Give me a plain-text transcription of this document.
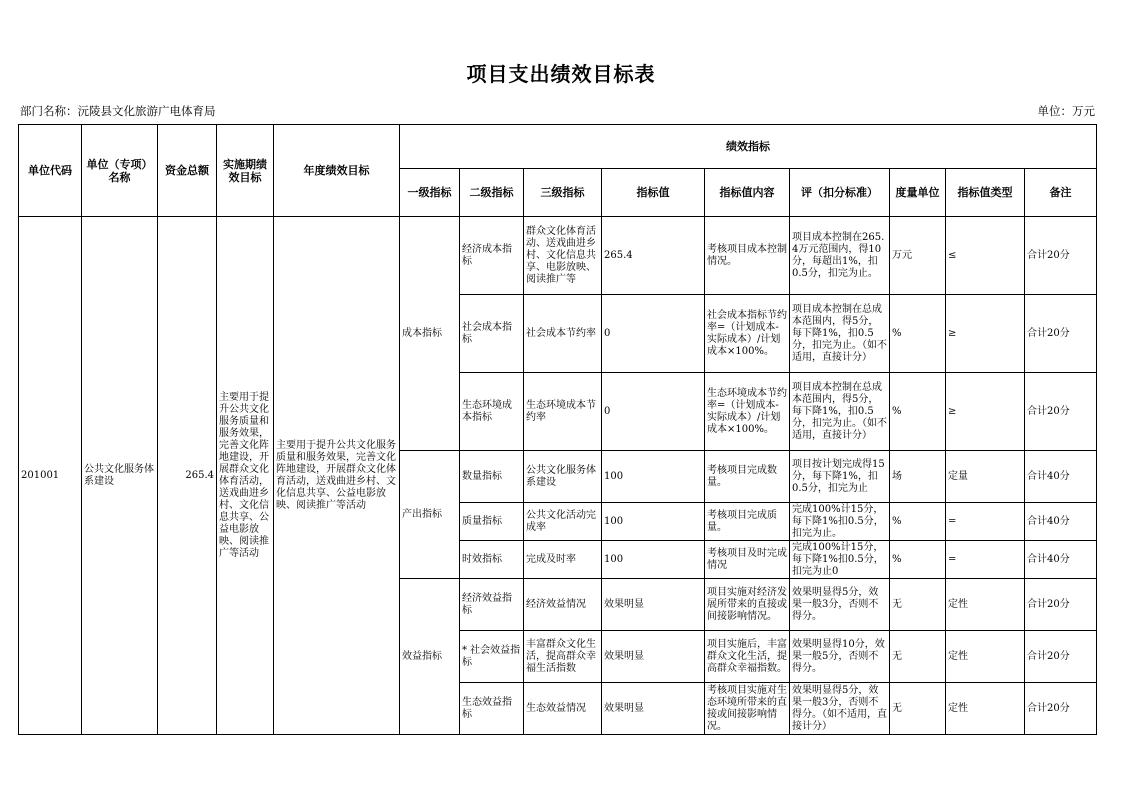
项目支出绩效目标表
部门名称：沅陵县文化旅游广电体育局	单位：万元
单位代码	单位（专项）名称	资金总额	实施期绩效目标	年度绩效目标	绩效指标								
					一级指标	二级指标	三级指标	指标值	指标值内容	评（扣分标准）	度量单位	指标值类型	备注
201001	公共文化服务体系建设	265.4	主要用于提升公共文化服务质量和服务效果，完善文化阵地建设，开展群众文化体育活动，送戏曲进乡村、文化信息共享、公益电影放映、阅读推广等活动	主要用于提升公共文化服务质量和服务效果，完善文化阵地建设，开展群众文化体育活动，送戏曲进乡村、文化信息共享、公益电影放映、阅读推广等活动	成本指标	经济成本指标	群众文化体育活动、送戏曲进乡村、文化信息共享、电影放映、阅读推广等	265.4	考核项目成本控制情况。	项目成本控制在265.4万元范围内，得10分，每超出1%，扣0.5分，扣完为止。	万元	≤	合计20分
						社会成本指标	社会成本节约率	0	社会成本指标节约率=（计划成本-实际成本）/计划成本×100%。	项目成本控制在总成本范围内，得5分，每下降1%，扣0.5分，扣完为止。（如不适用，直接计分）	%	≥	合计20分
						生态环境成本指标	生态环境成本节约率	0	生态环境成本节约率=（计划成本-实际成本）/计划成本×100%。	项目成本控制在总成本范围内，得5分，每下降1%，扣0.5分，扣完为止。（如不适用，直接计分）	%	≥	合计20分
					产出指标	数量指标	公共文化服务体系建设	100	考核项目完成数量。	项目按计划完成得15分，每下降1%，扣0.5分，扣完为止	场	定量	合计40分
						质量指标	公共文化活动完成率	100	考核项目完成质量。	完成100%计15分，每下降1%扣0.5分，扣完为止。	%	=	合计40分
						时效指标	完成及时率	100	考核项目及时完成情况	完成100%计15分，每下降1%扣0.5分，扣完为止0	%	=	合计40分
					效益指标	经济效益指标	经济效益情况	效果明显	项目实施对经济发展所带来的直接或间接影响情况。	效果明显得5分，效果一般3分，否则不得分。	无	定性	合计20分
						* 社会效益指标	丰富群众文化生活，提高群众幸福生活指数	效果明显	项目实施后，丰富群众文化生活，提高群众幸福指数。	效果明显得10分，效果一般5分，否则不得分。	无	定性	合计20分
						生态效益指标	生态效益情况	效果明显	考核项目实施对生态环境所带来的直接或间接影响情况。	效果明显得5分，效果一般3分，否则不得分。（如不适用，直接计分）	无	定性	合计20分
